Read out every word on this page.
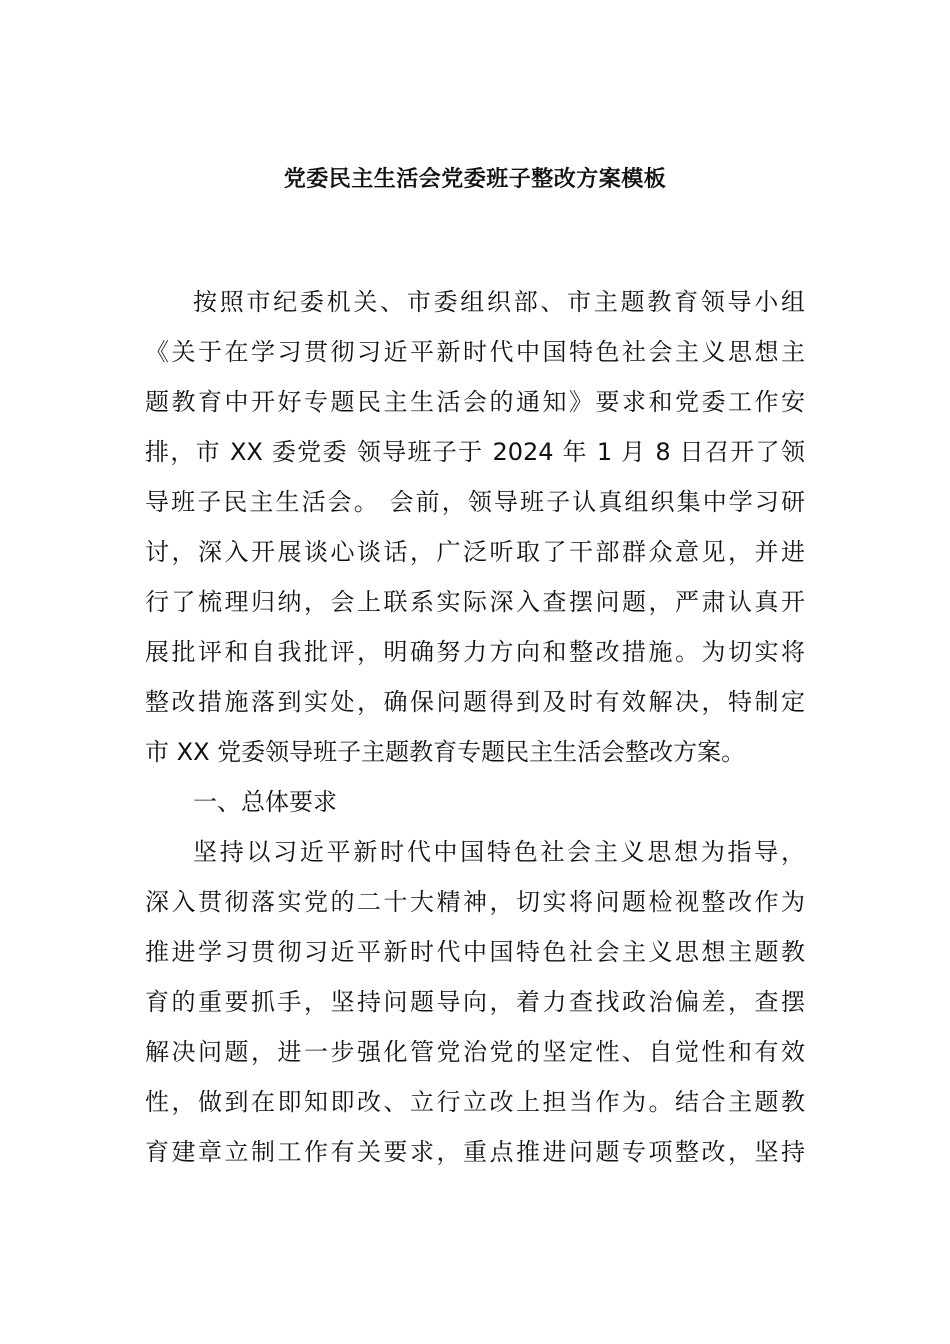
党委民主生活会党委班子整改方案模板
按照市纪委机关、市委组织部、市主题教育领导小组
《关于在学习贯彻习近平新时代中国特色社会主义思想主
题教育中开好专题民主生活会的通知》要求和党委工作安
排，市 XX 委党委 领导班子于 2024 年 1 月 8 日召开了领
导班子民主生活会。 会前，领导班子认真组织集中学习研
讨，深入开展谈心谈话，广泛听取了干部群众意见，并进
行了梳理归纳，会上联系实际深入查摆问题，严肃认真开
展批评和自我批评，明确努力方向和整改措施。为切实将
整改措施落到实处，确保问题得到及时有效解决，特制定
市 XX 党委领导班子主题教育专题民主生活会整改方案。
一、总体要求
坚持以习近平新时代中国特色社会主义思想为指导，
深入贯彻落实党的二十大精神，切实将问题检视整改作为
推进学习贯彻习近平新时代中国特色社会主义思想主题教
育的重要抓手，坚持问题导向，着力查找政治偏差，查摆
解决问题，进一步强化管党治党的坚定性、自觉性和有效
性，做到在即知即改、立行立改上担当作为。结合主题教
育建章立制工作有关要求，重点推进问题专项整改，坚持
